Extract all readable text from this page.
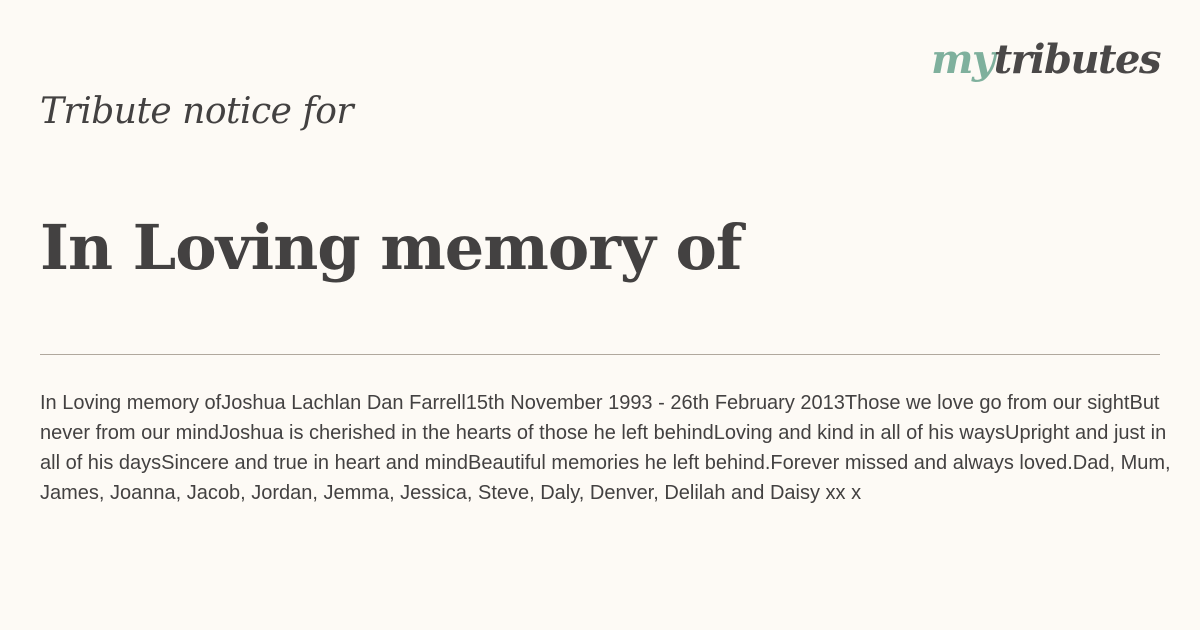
mytributes
Tribute notice for
In Loving memory of

In Loving memory ofJoshua Lachlan Dan Farrell15th November 1993 - 26th February 2013Those we love go from our sightBut never from our mindJoshua is cherished in the hearts of those he left behindLoving and kind in all of his waysUpright and just in all of his daysSincere and true in heart and mindBeautiful memories he left behind.Forever missed and always loved.Dad, Mum, James, Joanna, Jacob, Jordan, Jemma, Jessica, Steve, Daly, Denver, Delilah and Daisy xx x
